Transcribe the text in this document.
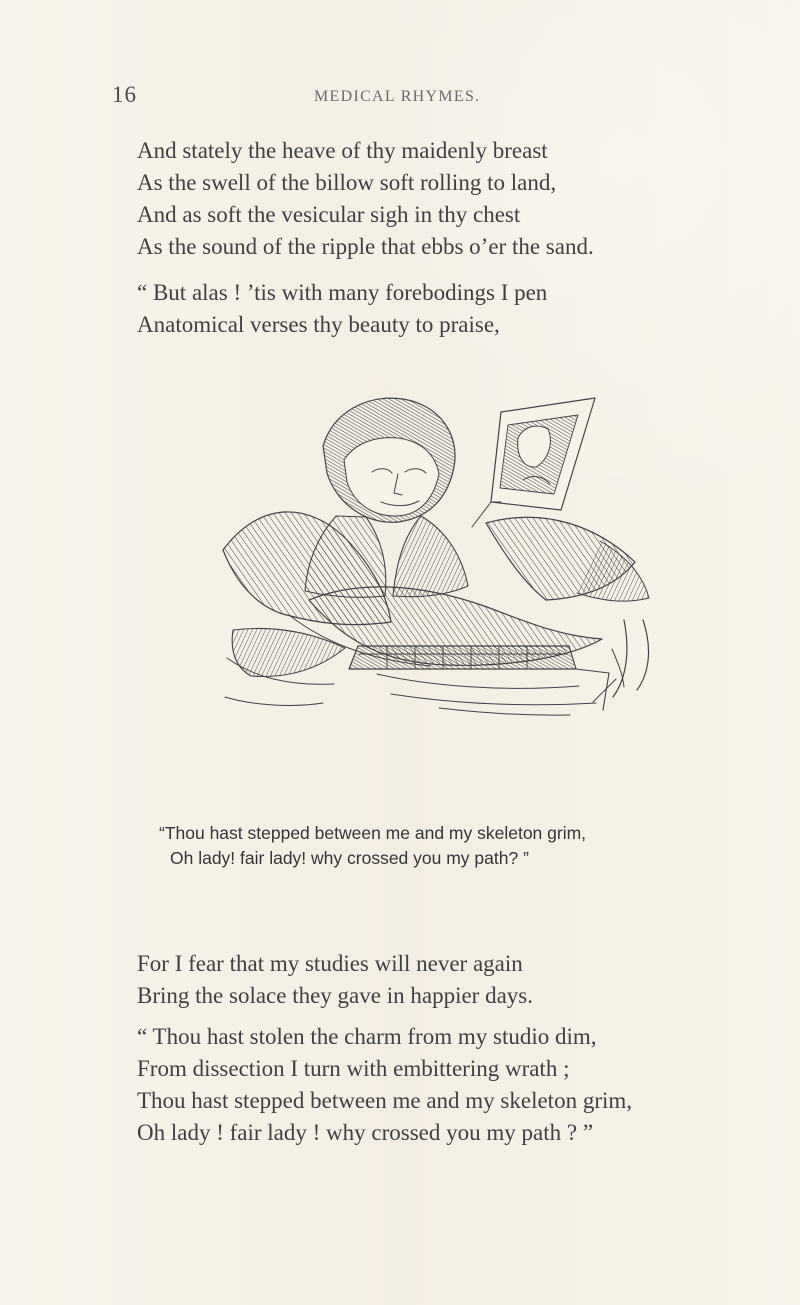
16	MEDICAL RHYMES.
And stately the heave of thy maidenly breast
As the swell of the billow soft rolling to land,
And as soft the vesicular sigh in thy chest
As the sound of the ripple that ebbs o’er the sand.
“ But alas ! ’tis with many forebodings I pen
Anatomical verses thy beauty to praise,
“Thou hast stepped between me and my skeleton grim,
Oh lady! fair lady! why crossed you my path? ”
For I fear that my studies will never again
Bring the solace they gave in happier days.
“ Thou hast stolen the charm from my studio dim,
From dissection I turn with embittering wrath ;
Thou hast stepped between me and my skeleton grim,
Oh lady ! fair lady ! why crossed you my path ? ”
